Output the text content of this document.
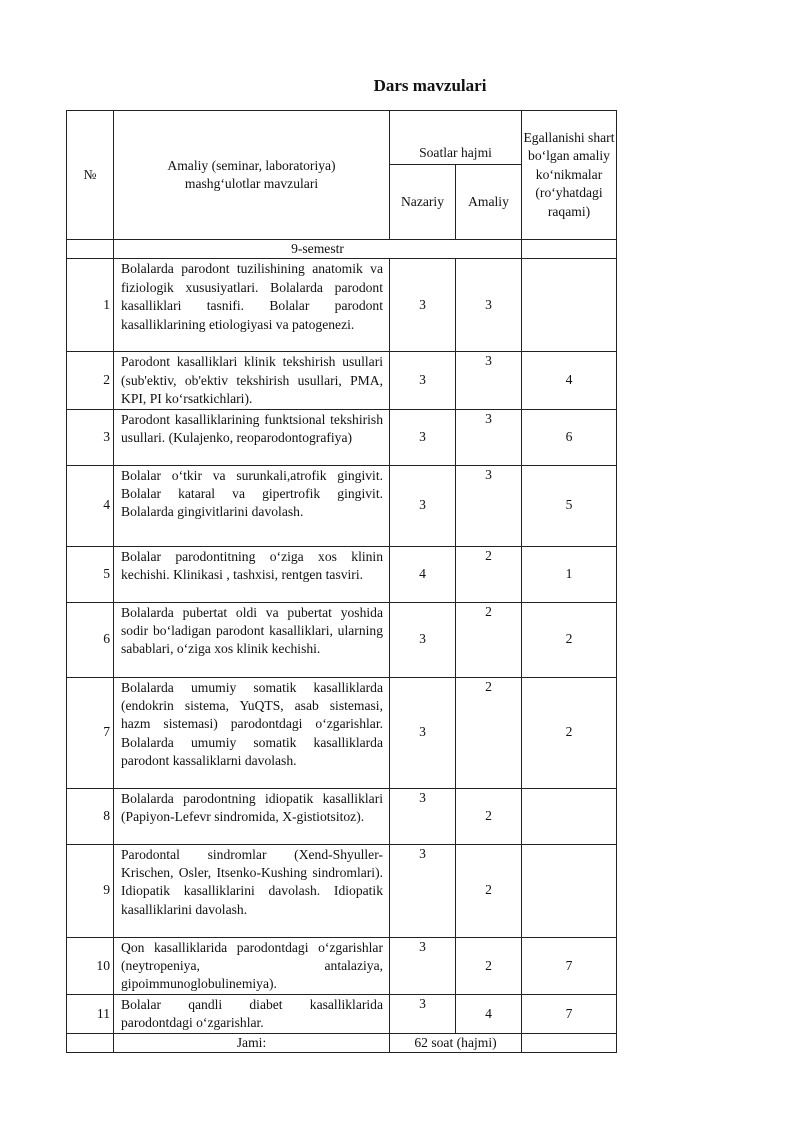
Dars mavzulari
№	Amaliy (seminar, laboratoriya) mashg‘ulotlar mavzulari	Soatlar hajmi		Egallanishi shart bo‘lgan amaliy ko‘nikmalar (ro‘yhatdagi raqami)
		Nazariy	Amaliy	
	9-semestr			
1	Bolalarda parodont tuzilishining anatomik va fiziologik xususiyatlari. Bolalarda parodont kasalliklari tasnifi. Bolalar parodont kasalliklarining etiologiyasi va patogenezi.	3	3	
2	Parodont kasalliklari klinik tekshirish usullari (sub'ektiv, ob'ektiv tekshirish usullari, PMA, KPI, PI ko‘rsatkichlari).	3	3	4
3	Parodont kasalliklarining funktsional tekshirish usullari. (Kulajenko, reoparodontografiya)	3	3	6
4	Bolalar o‘tkir va surunkali,atrofik gingivit. Bolalar kataral va gipertrofik gingivit. Bolalarda gingivitlarini davolash.	3	3	5
5	Bolalar parodontitning o‘ziga xos klinin kechishi. Klinikasi , tashxisi, rentgen tasviri.	4	2	1
6	Bolalarda pubertat oldi va pubertat yoshida sodir bo‘ladigan parodont kasalliklari, ularning sabablari, o‘ziga xos klinik kechishi.	3	2	2
7	Bolalarda umumiy somatik kasalliklarda (endokrin sistema, YuQTS, asab sistemasi, hazm sistemasi) parodontdagi o‘zgarishlar. Bolalarda umumiy somatik kasalliklarda parodont kassaliklarni davolash.	3	2	2
8	Bolalarda parodontning idiopatik kasalliklari (Papiyon-Lefevr sindromida, X-gistiotsitoz).	3	2	
9	Parodontal sindromlar (Xend-Shyuller-Krischen, Osler, Itsenko-Kushing sindromlari). Idiopatik kasalliklarini davolash. Idiopatik kasalliklarini davolash.	3	2	
10	Qon kasalliklarida parodontdagi o‘zgarishlar (neytropeniya, antalaziya, gipoimmunoglobulinemiya).	3	2	7
11	Bolalar qandli diabet kasalliklarida parodontdagi o‘zgarishlar.	3	4	7
	Jami:	62 soat (hajmi)		
